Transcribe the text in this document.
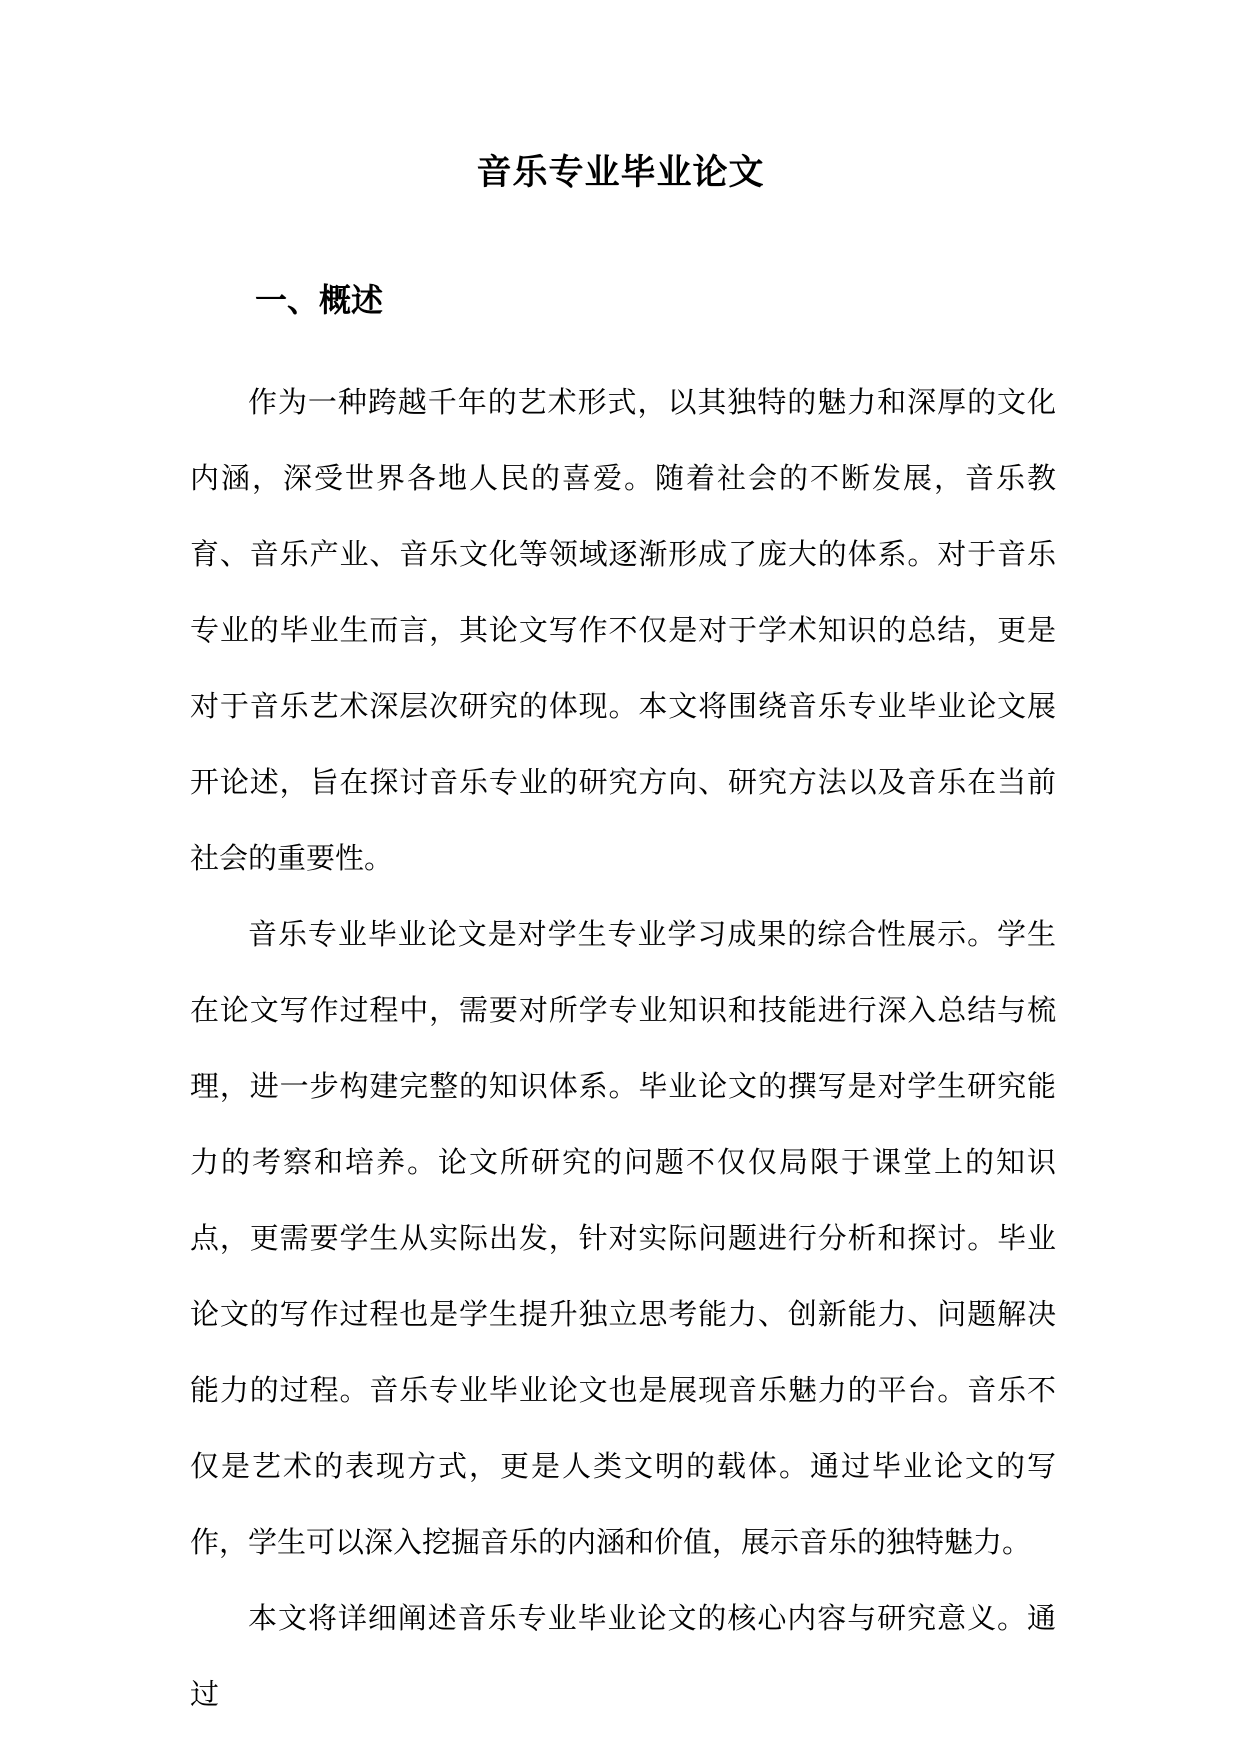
音乐专业毕业论文
一、概述

作为一种跨越千年的艺术形式，以其独特的魅力和深厚的文化内涵，深受世界各地人民的喜爱。随着社会的不断发展，音乐教育、音乐产业、音乐文化等领域逐渐形成了庞大的体系。对于音乐专业的毕业生而言，其论文写作不仅是对于学术知识的总结，更是对于音乐艺术深层次研究的体现。本文将围绕音乐专业毕业论文展开论述，旨在探讨音乐专业的研究方向、研究方法以及音乐在当前社会的重要性。

音乐专业毕业论文是对学生专业学习成果的综合性展示。学生在论文写作过程中，需要对所学专业知识和技能进行深入总结与梳理，进一步构建完整的知识体系。毕业论文的撰写是对学生研究能力的考察和培养。论文所研究的问题不仅仅局限于课堂上的知识点，更需要学生从实际出发，针对实际问题进行分析和探讨。毕业论文的写作过程也是学生提升独立思考能力、创新能力、问题解决能力的过程。音乐专业毕业论文也是展现音乐魅力的平台。音乐不仅是艺术的表现方式，更是人类文明的载体。通过毕业论文的写作，学生可以深入挖掘音乐的内涵和价值，展示音乐的独特魅力。

本文将详细阐述音乐专业毕业论文的核心内容与研究意义。通过
